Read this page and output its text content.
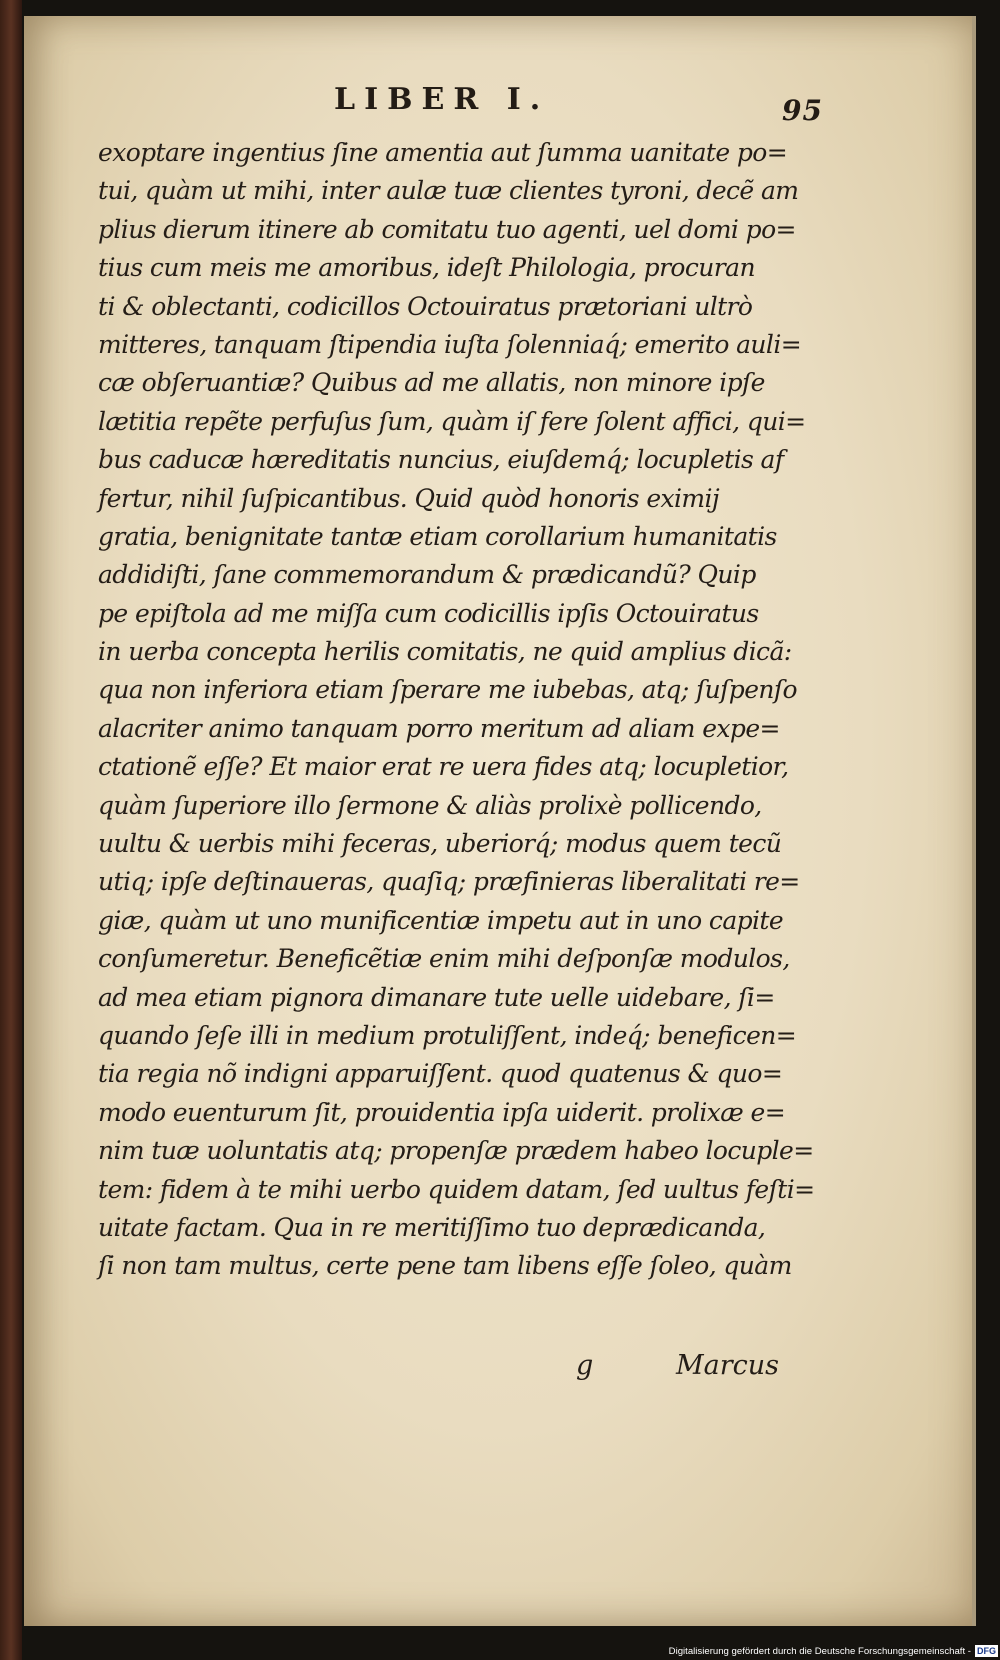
LIBER I.	95
exoptare ingentius ſine amentia aut ſumma uanitate po=
tui, quàm ut mihi, inter aulæ tuæ clientes tyroni, decẽ am
plius dierum itinere ab comitatu tuo agenti, uel domi po=
tius cum meis me amoribus, ideſt Philologia, procuran
ti & oblectanti, codicillos Octouiratus prætoriani ultrò
mitteres, tanquam ſtipendia iuſta ſolenniaq́; emerito auli=
cæ obſeruantiæ? Quibus ad me allatis, non minore ipſe
lætitia repẽte perfuſus ſum, quàm iſ fere ſolent affici, qui=
bus caducæ hæreditatis nuncius, eiuſdemq́; locupletis af
fertur, nihil ſuſpicantibus. Quid quòd honoris eximij
gratia, benignitate tantæ etiam corollarium humanitatis
addidiſti, ſane commemorandum & prædicandũ? Quip
pe epiſtola ad me miſſa cum codicillis ipſis Octouiratus
in uerba concepta herilis comitatis, ne quid amplius dicã:
qua non inferiora etiam ſperare me iubebas, atq; ſuſpenſo
alacriter animo tanquam porro meritum ad aliam expe=
ctationẽ eſſe? Et maior erat re uera fides atq; locupletior,
quàm ſuperiore illo ſermone & aliàs prolixè pollicendo,
uultu & uerbis mihi feceras, uberiorq́; modus quem tecũ
utiq; ipſe deſtinaueras, quaſiq; præfinieras liberalitati re=
giæ, quàm ut uno munificentiæ impetu aut in uno capite
conſumeretur. Beneficẽtiæ enim mihi deſponſæ modulos,
ad mea etiam pignora dimanare tute uelle uidebare, ſi=
quando ſeſe illi in medium protuliſſent, indeq́; beneficen=
tia regia nõ indigni apparuiſſent. quod quatenus & quo=
modo euenturum ſit, prouidentia ipſa uiderit. prolixæ e=
nim tuæ uoluntatis atq; propenſæ prædem habeo locuple=
tem: fidem à te mihi uerbo quidem datam, ſed uultus feſti=
uitate factam. Qua in re meritiſſimo tuo deprædicanda,
ſi non tam multus, certe pene tam libens eſſe ſoleo, quàm
g	Marcus
Digitalisierung gefördert durch die Deutsche Forschungsgemeinschaft - DFG
